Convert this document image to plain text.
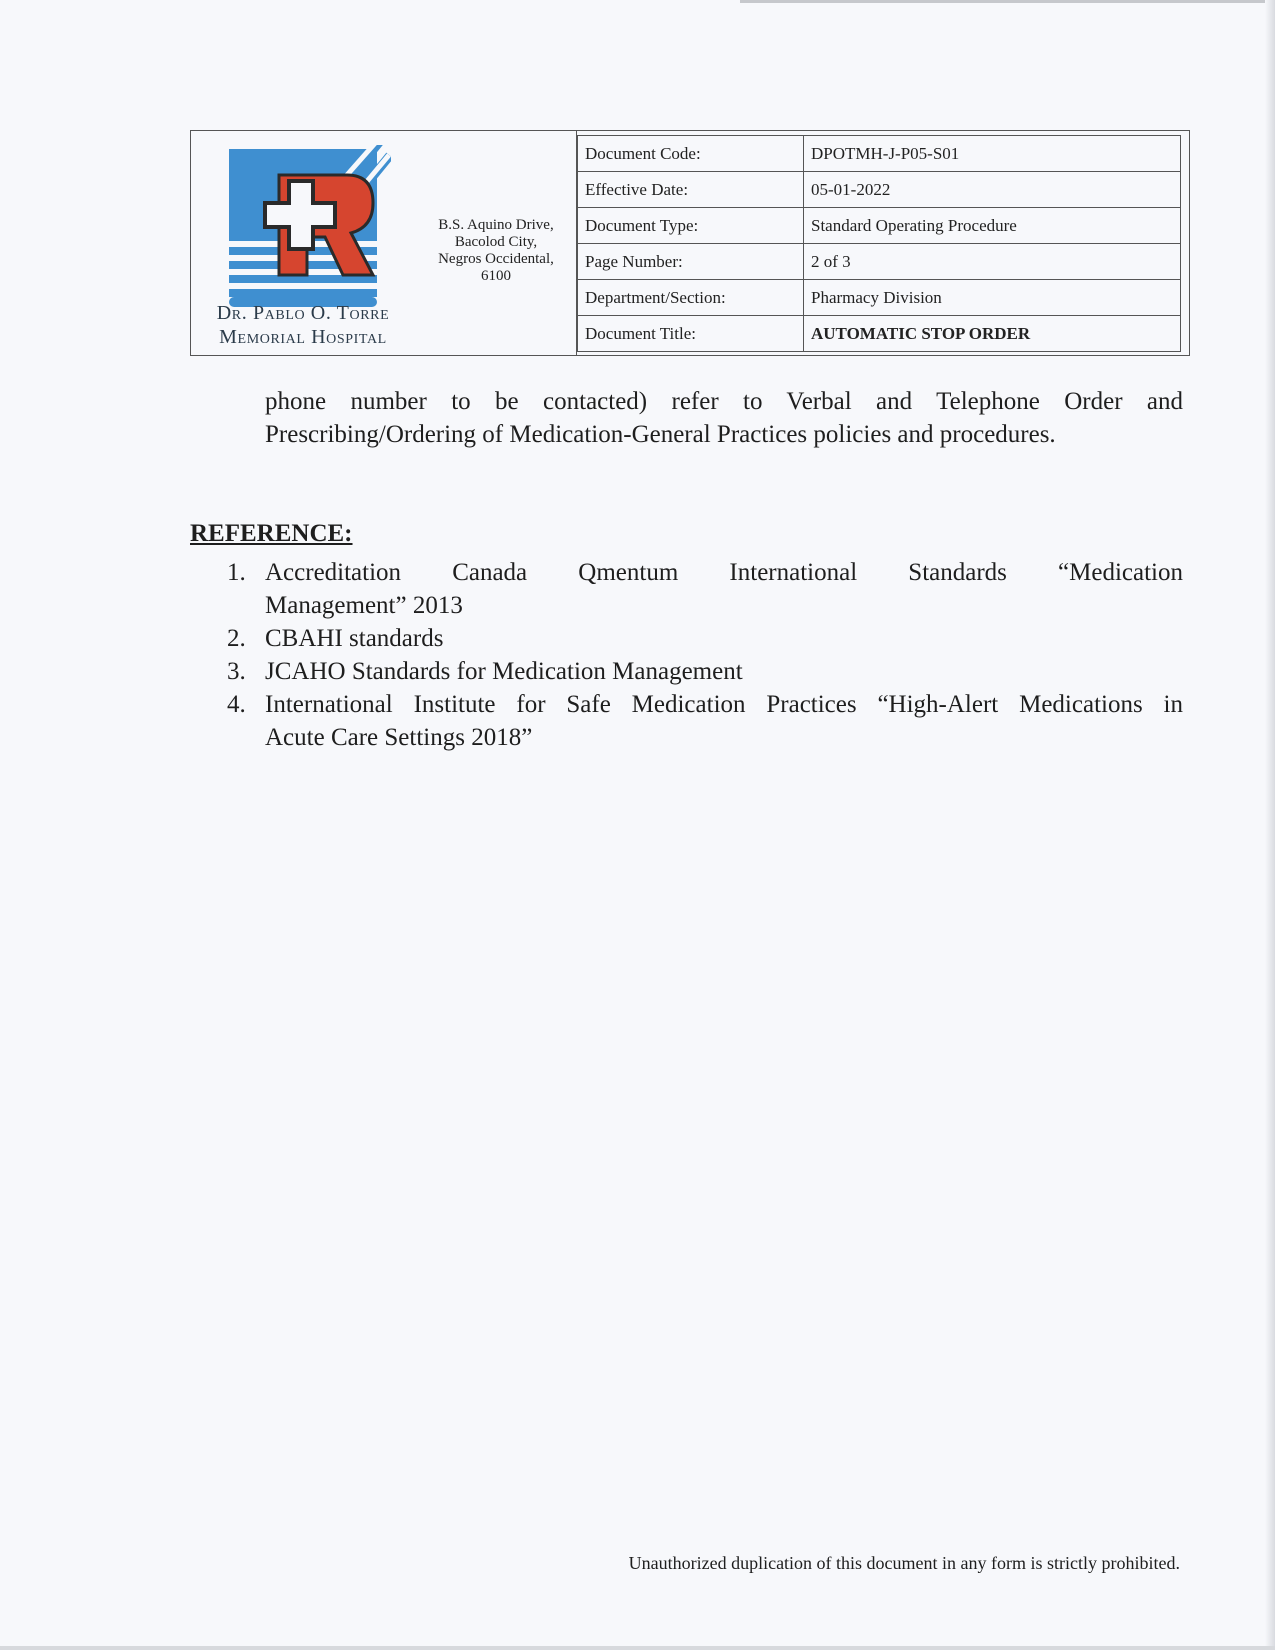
Dr. Pablo O. Torre
Memorial Hospital
B.S. Aquino Drive,
Bacolod City,
Negros Occidental,
6100
Document Code:	DPOTMH-J-P05-S01
Effective Date:	05-01-2022
Document Type:	Standard Operating Procedure
Page Number:	2 of 3
Department/Section:	Pharmacy Division
Document Title:	AUTOMATIC STOP ORDER
phone number to be contacted) refer to Verbal and Telephone Order and
Prescribing/Ordering of Medication-General Practices policies and procedures.
REFERENCE:
1. Accreditation Canada Qmentum International Standards “Medication
Management” 2013
2. CBAHI standards
3. JCAHO Standards for Medication Management
4. International Institute for Safe Medication Practices “High-Alert Medications in
Acute Care Settings 2018”
Unauthorized duplication of this document in any form is strictly prohibited.
